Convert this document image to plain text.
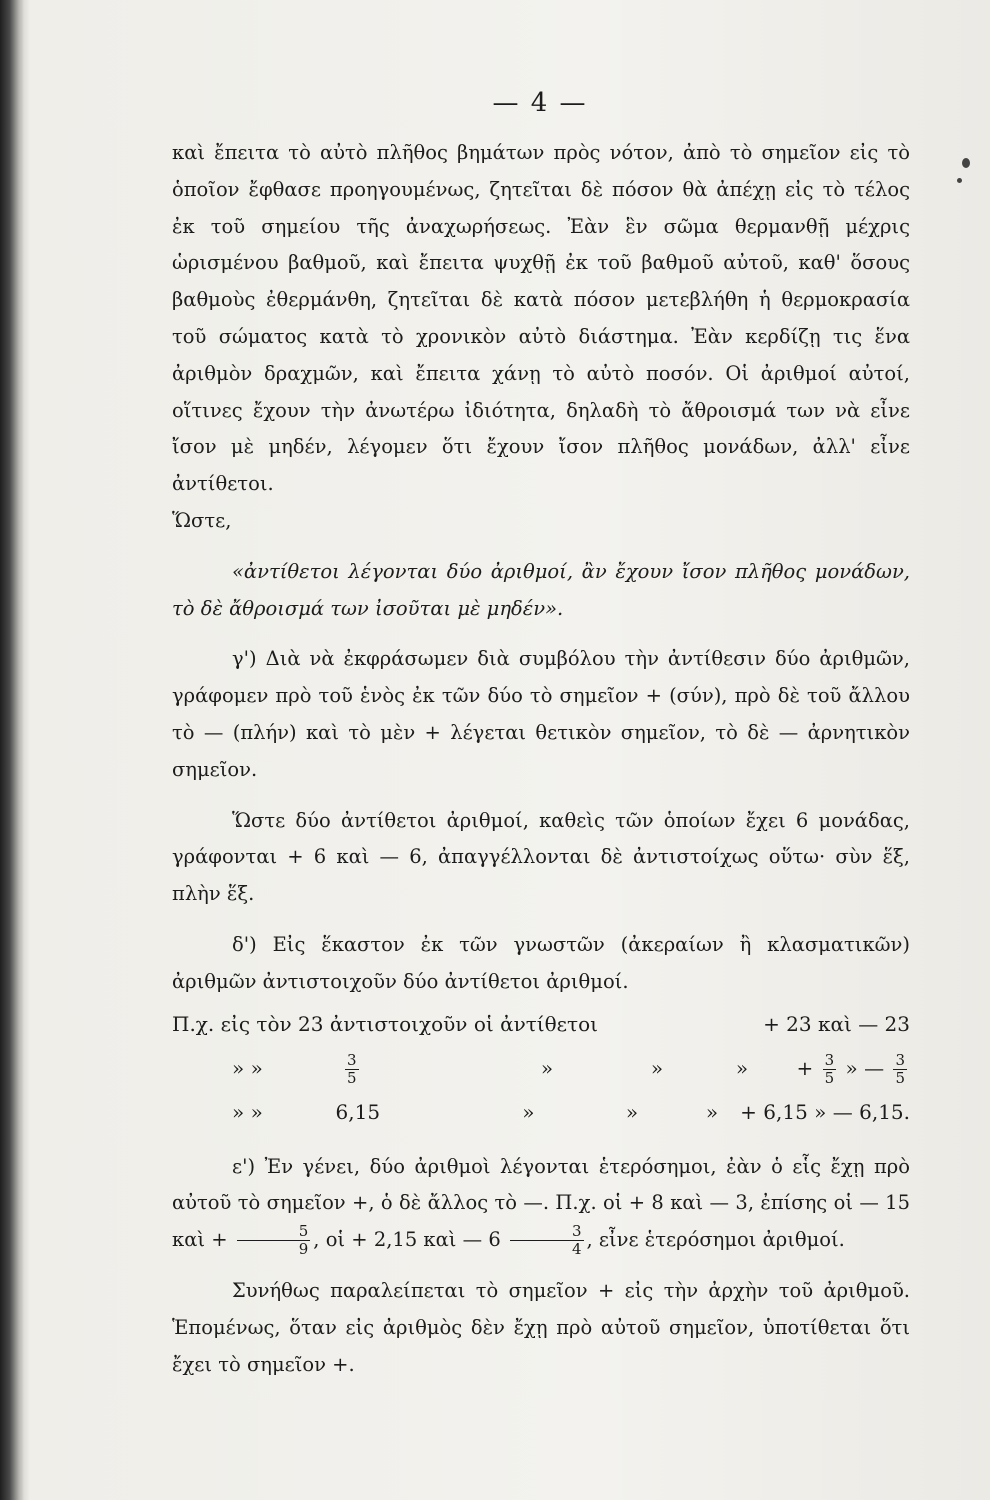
— 4 —

καὶ ἔπειτα τὸ αὐτὸ πλῆθος βημάτων πρὸς νότον, ἀπὸ τὸ σημεῖον εἰς τὸ ὁποῖον ἔφθασε προηγουμένως, ζητεῖται δὲ πόσον θὰ ἀπέχῃ εἰς τὸ τέλος ἐκ τοῦ σημείου τῆς ἀναχωρήσεως. Ἐὰν ἓν σῶμα θερμανθῇ μέχρις ὡρισμένου βαθμοῦ, καὶ ἔπειτα ψυχθῇ ἐκ τοῦ βαθμοῦ αὐτοῦ, καθ' ὅσους βαθμοὺς ἐθερμάνθη, ζητεῖται δὲ κατὰ πόσον μετεβλήθη ἡ θερμοκρασία τοῦ σώματος κατὰ τὸ χρονικὸν αὐτὸ διάστημα. Ἐὰν κερδίζῃ τις ἕνα ἀριθμὸν δραχμῶν, καὶ ἔπειτα χάνῃ τὸ αὐτὸ ποσόν. Οἱ ἀριθμοί αὐτοί, οἵτινες ἔχουν τὴν ἀνωτέρω ἰδιότητα, δηλαδὴ τὸ ἄθροισμά των νὰ εἶνε ἴσον μὲ μηδέν, λέγομεν ὅτι ἔχουν ἴσον πλῆθος μονάδων, ἀλλ' εἶνε ἀντίθετοι.

Ὥστε,

«ἀντίθετοι λέγονται δύο ἀριθμοί, ἂν ἔχουν ἴσον πλῆθος μονάδων, τὸ δὲ ἄθροισμά των ἰσοῦται μὲ μηδέν».

γ') Διὰ νὰ ἐκφράσωμεν διὰ συμβόλου τὴν ἀντίθεσιν δύο ἀριθμῶν, γράφομεν πρὸ τοῦ ἑνὸς ἐκ τῶν δύο τὸ σημεῖον + (σύν), πρὸ δὲ τοῦ ἄλλου τὸ — (πλήν) καὶ τὸ μὲν + λέγεται θετικὸν σημεῖον, τὸ δὲ — ἀρνητικὸν σημεῖον.

Ὥστε δύο ἀντίθετοι ἀριθμοί, καθεὶς τῶν ὁποίων ἔχει 6 μονάδας, γράφονται + 6 καὶ — 6, ἀπαγγέλλονται δὲ ἀντιστοίχως οὕτω· σὺν ἕξ, πλὴν ἕξ.

δ') Εἰς ἕκαστον ἐκ τῶν γνωστῶν (ἀκεραίων ἢ κλασματικῶν) ἀριθμῶν ἀντιστοιχοῦν δύο ἀντίθετοι ἀριθμοί.

Π.χ. εἰς τὸν 23 ἀντιστοιχοῦν οἱ ἀντίθετοι	+ 23 καὶ — 23
» »	$\frac{3}{5}$	»	»	»	+ $\frac{3}{5}$ » — $\frac{3}{5}$
» »	6,15	»	»	»	+ 6,15 » — 6,15.

ε') Ἐν γένει, δύο ἀριθμοὶ λέγονται ἑτερόσημοι, ἐὰν ὁ εἷς ἔχῃ πρὸ αὐτοῦ τὸ σημεῖον +, ὁ δὲ ἄλλος τὸ —. Π.χ. οἱ + 8 καὶ — 3, ἐπίσης οἱ — 15 καὶ + $\frac{5}{9}$ , οἱ + 2,15 καὶ — $6 \frac{3}{4}$ , εἶνε ἑτερόσημοι ἀριθμοί.

Συνήθως παραλείπεται τὸ σημεῖον + εἰς τὴν ἀρχὴν τοῦ ἀριθμοῦ. Ἑπομένως, ὅταν εἰς ἀριθμὸς δὲν ἔχῃ πρὸ αὐτοῦ σημεῖον, ὑποτίθεται ὅτι ἔχει τὸ σημεῖον +.
